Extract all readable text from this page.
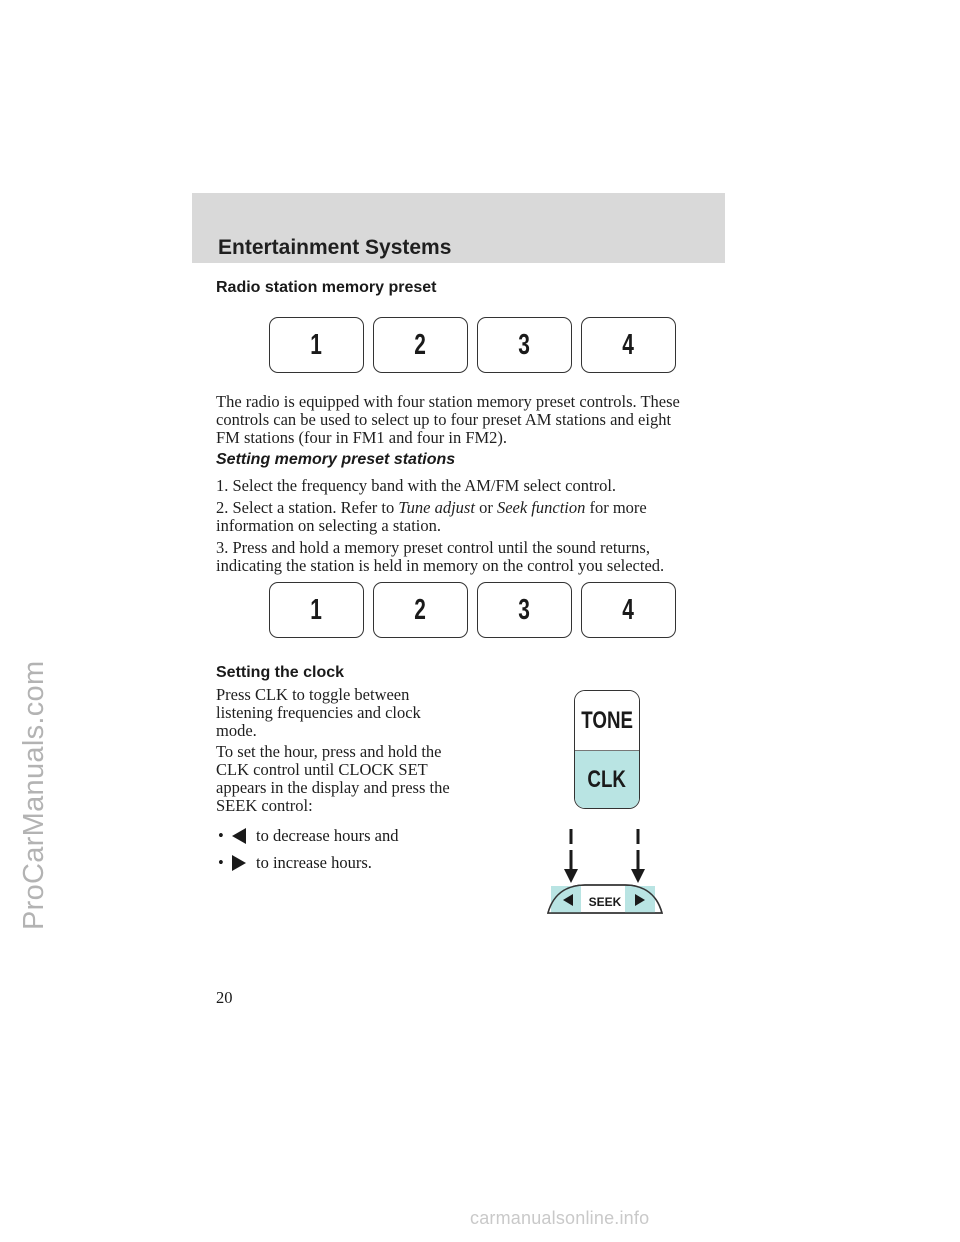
ProCarManuals.com
Entertainment Systems
Radio station memory preset
1	2	3	4
The radio is equipped with four station memory preset controls. These
controls can be used to select up to four preset AM stations and eight
FM stations (four in FM1 and four in FM2).
Setting memory preset stations
1. Select the frequency band with the AM/FM select control.
2. Select a station. Refer to Tune adjust or Seek function for more
information on selecting a station.
3. Press and hold a memory preset control until the sound returns,
indicating the station is held in memory on the control you selected.
1	2	3	4
Setting the clock
Press CLK to toggle between
listening frequencies and clock
mode.
To set the hour, press and hold the
CLK control until CLOCK SET
appears in the display and press the
SEEK control:
•	to decrease hours and
•	to increase hours.
TONE
CLK
SEEK
20
carmanualsonline.info
